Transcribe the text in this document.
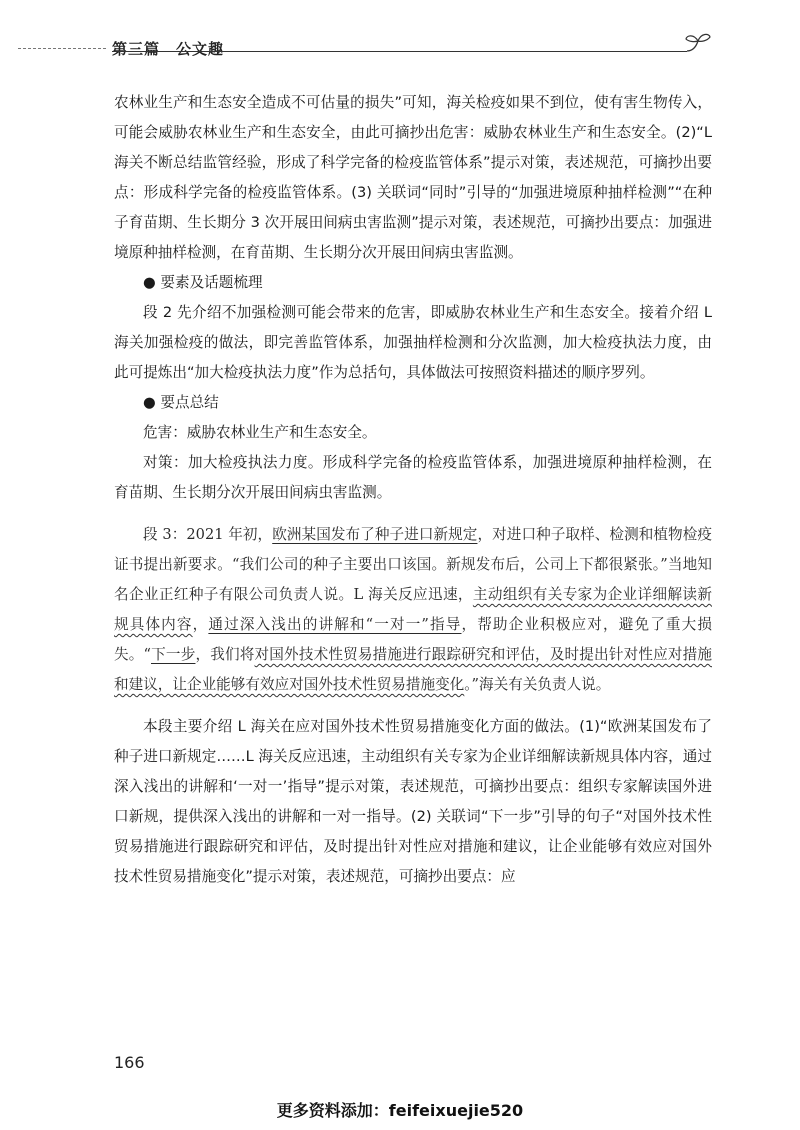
第三篇　公文趣

农林业生产和生态安全造成不可估量的损失”可知，海关检疫如果不到位，使有害生物传入，可能会威胁农林业生产和生态安全，由此可摘抄出危害：威胁农林业生产和生态安全。(2)“L 海关不断总结监管经验，形成了科学完备的检疫监管体系”提示对策，表述规范，可摘抄出要点：形成科学完备的检疫监管体系。(3) 关联词“同时”引导的“加强进境原种抽样检测”“在种子育苗期、生长期分 3 次开展田间病虫害监测”提示对策，表述规范，可摘抄出要点：加强进境原种抽样检测，在育苗期、生长期分次开展田间病虫害监测。

● 要素及话题梳理

段 2 先介绍不加强检测可能会带来的危害，即威胁农林业生产和生态安全。接着介绍 L 海关加强检疫的做法，即完善监管体系，加强抽样检测和分次监测，加大检疫执法力度，由此可提炼出“加大检疫执法力度”作为总括句，具体做法可按照资料描述的顺序罗列。

● 要点总结

危害：威胁农林业生产和生态安全。

对策：加大检疫执法力度。形成科学完备的检疫监管体系，加强进境原种抽样检测，在育苗期、生长期分次开展田间病虫害监测。

段 3：2021 年初，欧洲某国发布了种子进口新规定，对进口种子取样、检测和植物检疫证书提出新要求。“我们公司的种子主要出口该国。新规发布后，公司上下都很紧张。”当地知名企业正红种子有限公司负责人说。L 海关反应迅速，主动组织有关专家为企业详细解读新规具体内容，通过深入浅出的讲解和“一对一”指导，帮助企业积极应对，避免了重大损失。“下一步，我们将对国外技术性贸易措施进行跟踪研究和评估，及时提出针对性应对措施和建议，让企业能够有效应对国外技术性贸易措施变化。”海关有关负责人说。

本段主要介绍 L 海关在应对国外技术性贸易措施变化方面的做法。(1)“欧洲某国发布了种子进口新规定……L 海关反应迅速，主动组织有关专家为企业详细解读新规具体内容，通过深入浅出的讲解和‘一对一’指导”提示对策，表述规范，可摘抄出要点：组织专家解读国外进口新规，提供深入浅出的讲解和一对一指导。(2) 关联词“下一步”引导的句子“对国外技术性贸易措施进行跟踪研究和评估，及时提出针对性应对措施和建议，让企业能够有效应对国外技术性贸易措施变化”提示对策，表述规范，可摘抄出要点：应

166
更多资料添加：feifeixuejie520
